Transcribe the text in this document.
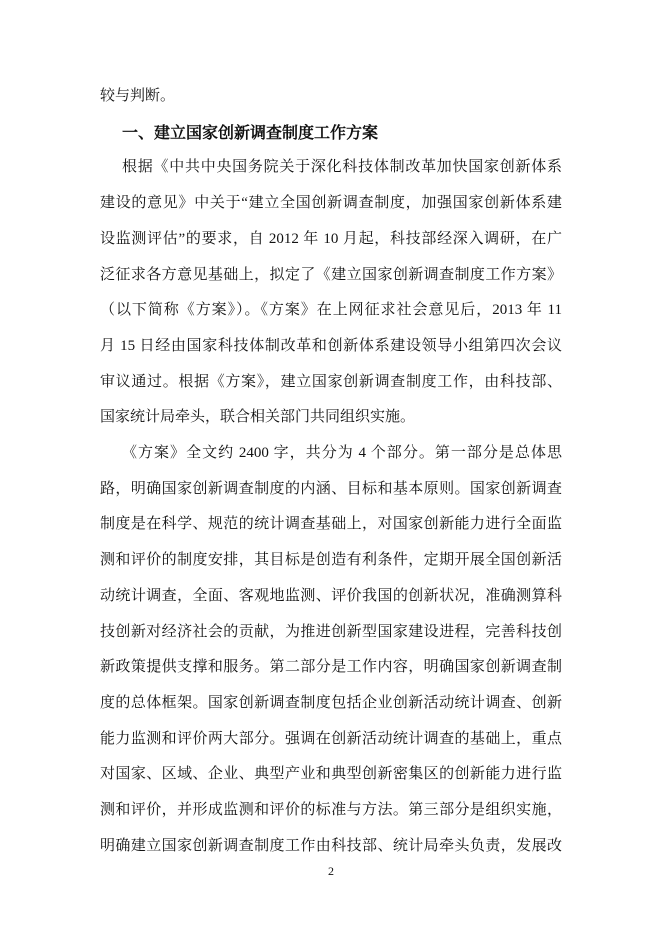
较与判断。
一、建立国家创新调查制度工作方案
根据《中共中央国务院关于深化科技体制改革加快国家创新体系
建设的意见》中关于“建立全国创新调查制度，加强国家创新体系建
设监测评估”的要求，自 2012 年 10 月起，科技部经深入调研，在广
泛征求各方意见基础上，拟定了《建立国家创新调查制度工作方案》
（以下简称《方案》）。《方案》在上网征求社会意见后，2013 年 11
月 15 日经由国家科技体制改革和创新体系建设领导小组第四次会议
审议通过。根据《方案》，建立国家创新调查制度工作，由科技部、
国家统计局牵头，联合相关部门共同组织实施。
《方案》全文约 2400 字，共分为 4 个部分。第一部分是总体思
路，明确国家创新调查制度的内涵、目标和基本原则。国家创新调查
制度是在科学、规范的统计调查基础上，对国家创新能力进行全面监
测和评价的制度安排，其目标是创造有利条件，定期开展全国创新活
动统计调查，全面、客观地监测、评价我国的创新状况，准确测算科
技创新对经济社会的贡献，为推进创新型国家建设进程，完善科技创
新政策提供支撑和服务。第二部分是工作内容，明确国家创新调查制
度的总体框架。国家创新调查制度包括企业创新活动统计调查、创新
能力监测和评价两大部分。强调在创新活动统计调查的基础上，重点
对国家、区域、企业、典型产业和典型创新密集区的创新能力进行监
测和评价，并形成监测和评价的标准与方法。第三部分是组织实施，
明确建立国家创新调查制度工作由科技部、统计局牵头负责，发展改
2
